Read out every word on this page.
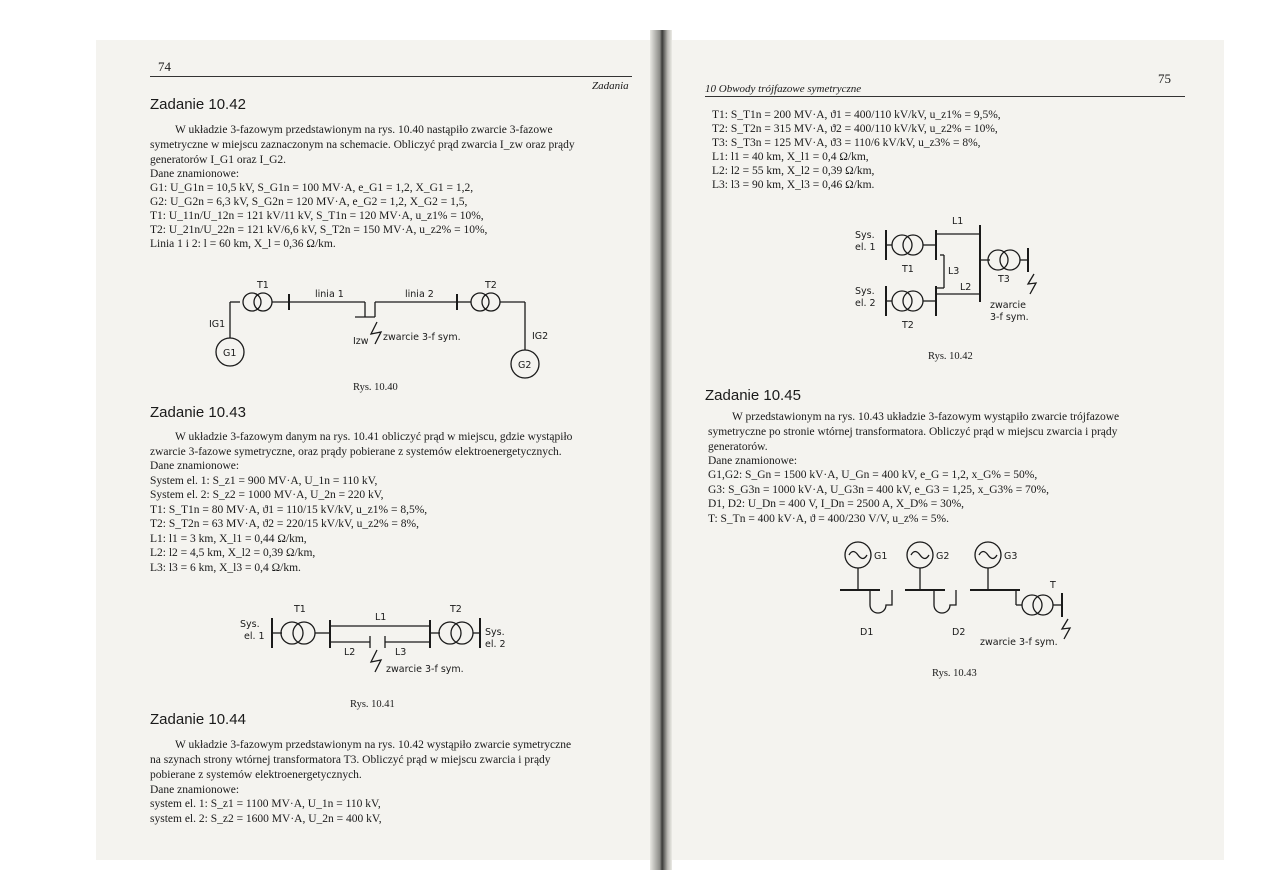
74
Zadania
Zadanie 10.42
W układzie 3-fazowym przedstawionym na rys. 10.40 nastąpiło zwarcie 3-fazowe
symetryczne w miejscu zaznaczonym na schemacie. Obliczyć prąd zwarcia I_zw oraz prądy
generatorów I_G1 oraz I_G2.
Dane znamionowe:
G1: U_G1n = 10,5 kV, S_G1n = 100 MV·A, e_G1 = 1,2, X_G1 = 1,2,
G2: U_G2n = 6,3 kV, S_G2n = 120 MV·A, e_G2 = 1,2, X_G2 = 1,5,
T1: U_11n/U_12n = 121 kV/11 kV, S_T1n = 120 MV·A, u_z1% = 10%,
T2: U_21n/U_22n = 121 kV/6,6 kV, S_T2n = 150 MV·A, u_z2% = 10%,
Linia 1 i 2: l = 60 km, X_l = 0,36 Ω/km.
T1	T2
linia 1	linia 2
IG1
IG2
Izw zwarcie 3-f sym.
G1
G2
Rys. 10.40
Zadanie 10.43
W układzie 3-fazowym danym na rys. 10.41 obliczyć prąd w miejscu, gdzie wystąpiło
zwarcie 3-fazowe symetryczne, oraz prądy pobierane z systemów elektroenergetycznych.
Dane znamionowe:
System el. 1: S_z1 = 900 MV·A, U_1n = 110 kV,
System el. 2: S_z2 = 1000 MV·A, U_2n = 220 kV,
T1: S_T1n = 80 MV·A, ϑ1 = 110/15 kV/kV, u_z1% = 8,5%,
T2: S_T2n = 63 MV·A, ϑ2 = 220/15 kV/kV, u_z2% = 8%,
L1: l1 = 3 km, X_l1 = 0,44 Ω/km,
L2: l2 = 4,5 km, X_l2 = 0,39 Ω/km,
L3: l3 = 6 km, X_l3 = 0,4 Ω/km.
Sys.
el. 1	Sys.
el. 2
T1	T2
L1
L2	L3
zwarcie 3-f sym.
Rys. 10.41
Zadanie 10.44
W układzie 3-fazowym przedstawionym na rys. 10.42 wystąpiło zwarcie symetryczne
na szynach strony wtórnej transformatora T3. Obliczyć prąd w miejscu zwarcia i prądy
pobierane z systemów elektroenergetycznych.
Dane znamionowe:
system el. 1: S_z1 = 1100 MV·A, U_1n = 110 kV,
system el. 2: S_z2 = 1600 MV·A, U_2n = 400 kV,
10 Obwody trójfazowe symetryczne
75
T1: S_T1n = 200 MV·A, ϑ1 = 400/110 kV/kV, u_z1% = 9,5%,
T2: S_T2n = 315 MV·A, ϑ2 = 400/110 kV/kV, u_z2% = 10%,
T3: S_T3n = 125 MV·A, ϑ3 = 110/6 kV/kV, u_z3% = 8%,
L1: l1 = 40 km, X_l1 = 0,4 Ω/km,
L2: l2 = 55 km, X_l2 = 0,39 Ω/km,
L3: l3 = 90 km, X_l3 = 0,46 Ω/km.
Sys.
el. 1
Sys.
el. 2
T1
T2
T3
L1
L2
L3
zwarcie
3-f sym.
Rys. 10.42
Zadanie 10.45
W przedstawionym na rys. 10.43 układzie 3-fazowym wystąpiło zwarcie trójfazowe
symetryczne po stronie wtórnej transformatora. Obliczyć prąd w miejscu zwarcia i prądy
generatorów.
Dane znamionowe:
G1,G2: S_Gn = 1500 kV·A, U_Gn = 400 kV, e_G = 1,2, x_G% = 50%,
G3: S_G3n = 1000 kV·A, U_G3n = 400 kV, e_G3 = 1,25, x_G3% = 70%,
D1, D2: U_Dn = 400 V, I_Dn = 2500 A, X_D% = 30%,
T: S_Tn = 400 kV·A, ϑ = 400/230 V/V, u_z% = 5%.
G1	G2	G3
T
D1	D2
zwarcie 3-f sym.
Rys. 10.43
